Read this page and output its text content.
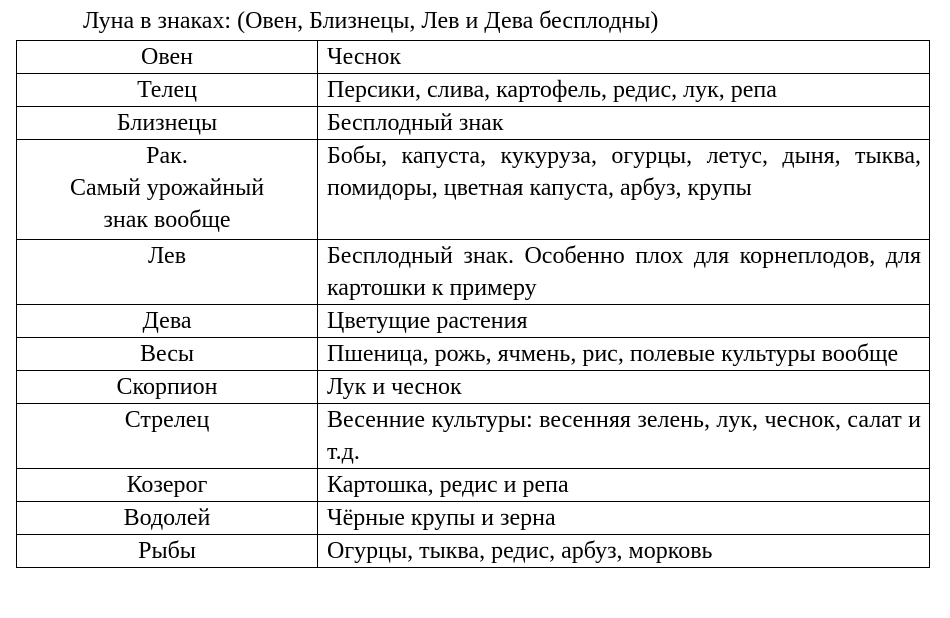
Луна в знаках: (Овен, Близнецы, Лев и Дева бесплодны)
Овен	Чеснок
Телец	Персики, слива, картофель, редис, лук, репа
Близнецы	Бесплодный знак

Рак.
Самый урожайный
знак вообще	Бобы, капуста, кукуруза, огурцы, летус, дыня, тыква, помидоры, цветная капуста, арбуз, крупы
Лев	Бесплодный знак. Особенно плох для корнеплодов, для картошки к примеру
Дева	Цветущие растения
Весы	Пшеница, рожь, ячмень, рис, полевые культуры вообще
Скорпион	Лук и чеснок
Стрелец	Весенние культуры: весенняя зелень, лук, чеснок, салат и т.д.
Козерог	Картошка, редис и репа
Водолей	Чёрные крупы и зерна
Рыбы	Огурцы, тыква, редис, арбуз, морковь
